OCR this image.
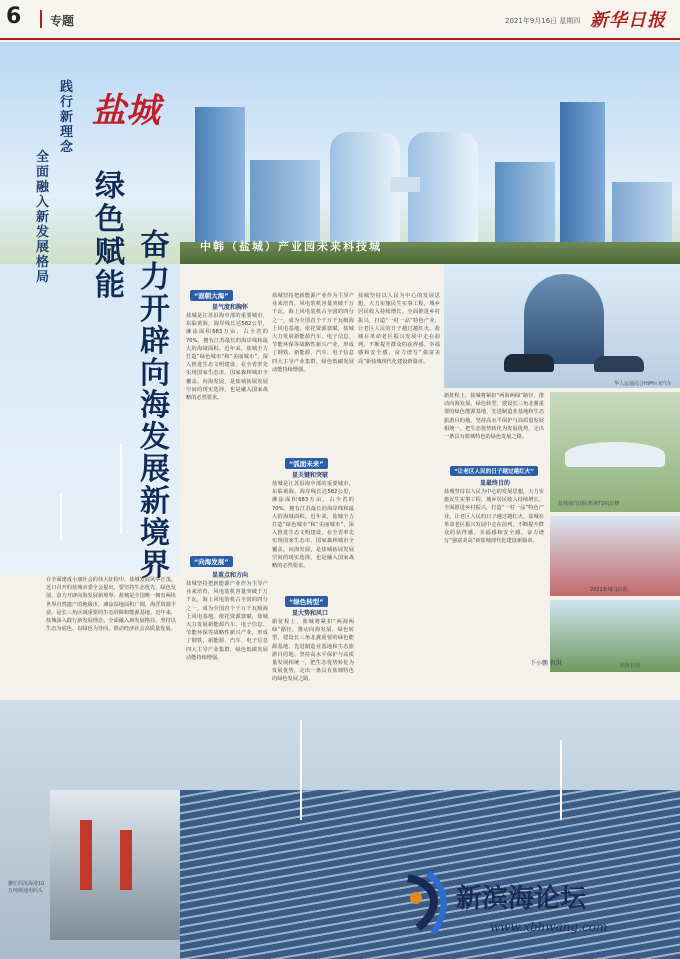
6 专题	2021年9月16日 星期四 新华日报
中韩（盐城）产业园未来科技城
践行新理念
全面融入新发展格局
盐城
绿色赋能
奋力开辟向海发展新境界
在全面建成小康社会的伟大征程中，盐城发展风华正茂。近日召开的盐城市委全会提出，要坚持生态优先、绿色发展，奋力开辟向海发展新境界。盐城是全国唯一拥有两块世界自然遗产的地级市，滩涂湿地面积广阔，海洋资源丰富，是长三角区域重要的生态屏障和能源基地。近年来，盐城深入践行新发展理念，全面融入新发展格局，坚持以生态为底色、以绿色为导向，推动经济社会高质量发展。
“面朝大海”
显气度和胸怀
盐城是江苏沿海中部的重要城市，东临黄海，海岸线长达582公里，滩涂面积683万亩，占全省的70%，拥有江苏最长的海岸线和最大的海域面积。近年来，盐城全力打造“绿色城市”和“美丽城市”，深入推进生态文明建设，在全省率先实现国家生态市、国家森林城市全覆盖。向海发展，是盐城拓展发展空间的现实选择，也是融入国家战略的必然要求。
“向海发展”
显重点和方向
盐城坚持把新能源产业作为主导产业来培育，风电装机容量突破千万千瓦，海上风电装机占全国的四分之一，成为全国首个千万千瓦级海上风电基地。依托资源禀赋，盐城大力发展新能源汽车、电子信息、节能环保等战略性新兴产业，形成了钢铁、新能源、汽车、电子信息四大主导产业集群，绿色低碳发展动能持续增强。
盐城坚持把新能源产业作为主导产业来培育，风电装机容量突破千万千瓦，海上风电装机占全国的四分之一，成为全国首个千万千瓦级海上风电基地。依托资源禀赋，盐城大力发展新能源汽车、电子信息、节能环保等战略性新兴产业，形成了钢铁、新能源、汽车、电子信息四大主导产业集群，绿色低碳发展动能持续增强。
“弧面未来”
显关键和突破
盐城是江苏沿海中部的重要城市，东临黄海，海岸线长达582公里，滩涂面积683万亩，占全省的70%，拥有江苏最长的海岸线和最大的海域面积。近年来，盐城全力打造“绿色城市”和“美丽城市”，深入推进生态文明建设，在全省率先实现国家生态市、国家森林城市全覆盖。向海发展，是盐城拓展发展空间的现实选择，也是融入国家战略的必然要求。
“绿色转型”
显大势和风口
新征程上，盐城将紧扣“两海两绿”路径，推动向海发展、绿色转型，建设长三角北翼重要的绿色能源基地、先进制造业基地和生态旅游目的地。坚持高水平保护与高质量发展相统一，把生态优势转化为发展优势，走出一条具有盐城特色的绿色发展之路。
盐城坚持以人民为中心的发展思想，大力实施民生实事工程，城乡居民收入持续增长。全面推进乡村振兴，打造“一村一品”特色产业，让老区人民的日子越过越红火。盐城在革命老区振兴发展中走在前列，不断提升群众的获得感、幸福感和安全感，奋力谱写“强富美高”新盐城现代化建设新篇章。
华人运通高合HiPhi X汽车
新征程上，盐城将紧扣“两海两绿”路径，推动向海发展、绿色转型，建设长三角北翼重要的绿色能源基地、先进制造业基地和生态旅游目的地。坚持高水平保护与高质量发展相统一，把生态优势转化为发展优势，走出一条具有盐城特色的绿色发展之路。
“让老区人民的日子越过越红火”
显最终目的
盐城坚持以人民为中心的发展思想，大力实施民生实事工程，城乡居民收入持续增长。全面推进乡村振兴，打造“一村一品”特色产业，让老区人民的日子越过越红火。盐城在革命老区振兴发展中走在前列，不断提升群众的获得感、幸福感和安全感，奋力谱写“强富美高”新盐城现代化建设新篇章。
盐城南洋国际机场T2航站楼
2021盐城马拉松
滨海长堤
下小鹏 祝洪
繁忙的滨海港10万吨级通用码头	新滨海论坛
www.xbhwang.com
